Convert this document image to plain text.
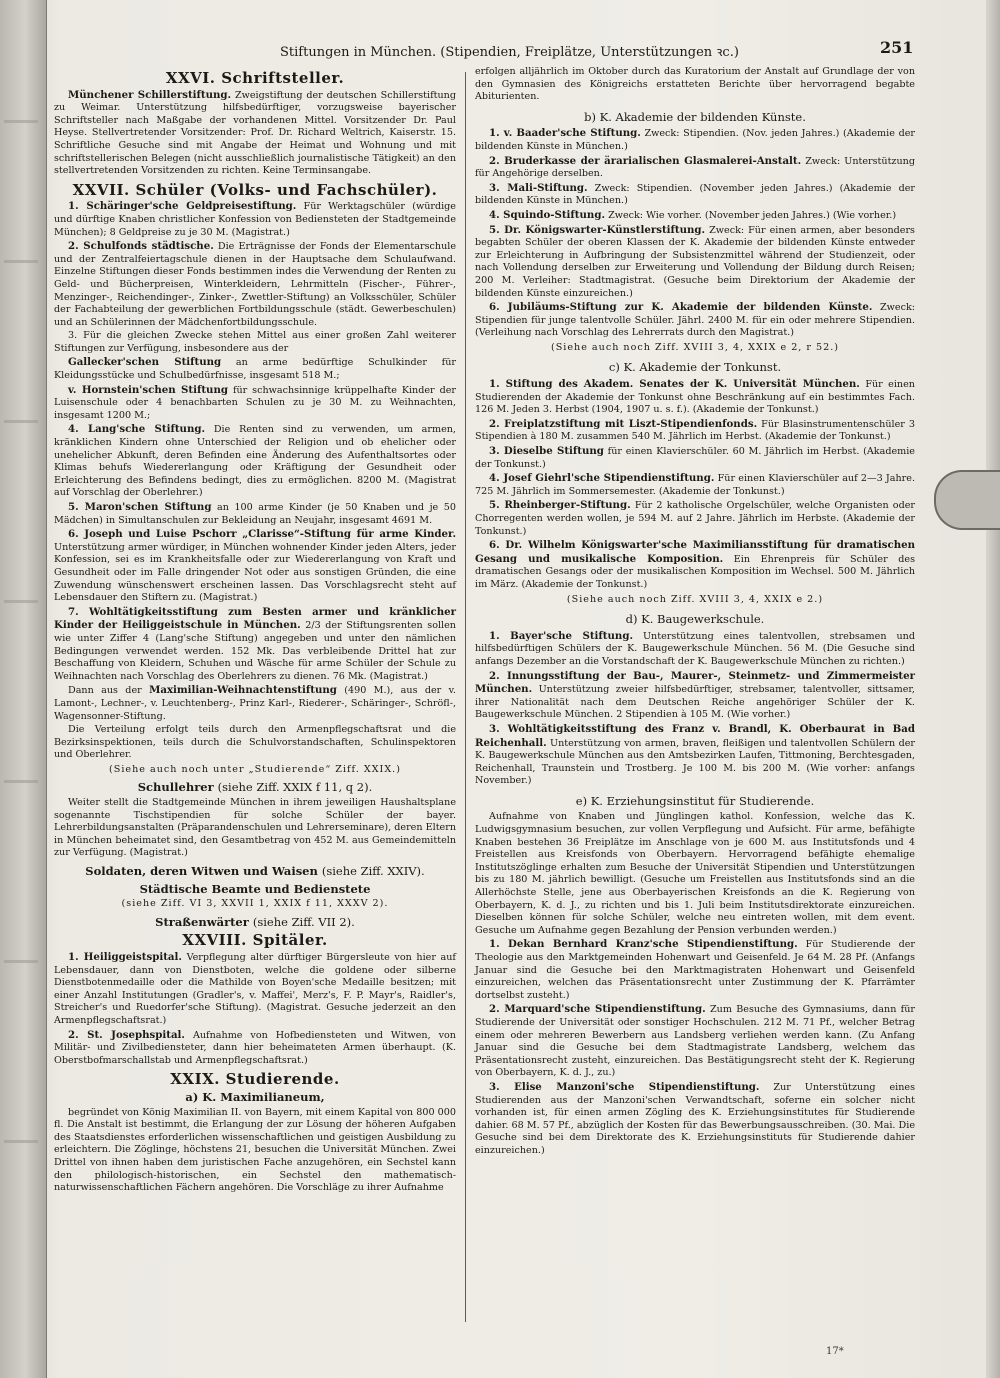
Stiftungen in München. (Stipendien, Freiplätze, Unterstützungen ꝛc.)	251
XXVI. Schriftsteller.

Münchener Schillerstiftung. Zweigstiftung der deutschen Schillerstiftung zu Weimar. Unterstützung hilfsbedürftiger, vorzugsweise bayerischer Schriftsteller nach Maßgabe der vorhandenen Mittel. Vorsitzender Dr. Paul Heyse. Stellvertretender Vorsitzender: Prof. Dr. Richard Weltrich, Kaiserstr. 15. Schriftliche Gesuche sind mit Angabe der Heimat und Wohnung und mit schriftstellerischen Belegen (nicht ausschließlich journalistische Tätigkeit) an den stellvertretenden Vorsitzenden zu richten. Keine Terminsangabe.

XXVII. Schüler (Volks- und Fachschüler).

1. Schäringer'sche Geldpreisestiftung. Für Werktagschüler (würdige und dürftige Knaben christlicher Konfession von Bediensteten der Stadtgemeinde München); 8 Geldpreise zu je 30 M. (Magistrat.)

2. Schulfonds städtische. Die Erträgnisse der Fonds der Elementarschule und der Zentralfeiertagschule dienen in der Hauptsache dem Schulaufwand. Einzelne Stiftungen dieser Fonds bestimmen indes die Verwendung der Renten zu Geld- und Bücherpreisen, Winterkleidern, Lehrmitteln (Fischer-, Führer-, Menzinger-, Reichendinger-, Zinker-, Zwettler-Stiftung) an Volksschüler, Schüler der Fachabteilung der gewerblichen Fortbildungsschule (städt. Gewerbeschulen) und an Schülerinnen der Mädchenfortbildungsschule.

3. Für die gleichen Zwecke stehen Mittel aus einer großen Zahl weiterer Stiftungen zur Verfügung, insbesondere aus der

Gallecker'schen Stiftung an arme bedürftige Schulkinder für Kleidungsstücke und Schulbedürfnisse, insgesamt 518 M.;

v. Hornstein'schen Stiftung für schwachsinnige krüppelhafte Kinder der Luisenschule oder 4 benachbarten Schulen zu je 30 M. zu Weihnachten, insgesamt 1200 M.;

4. Lang'sche Stiftung. Die Renten sind zu verwenden, um armen, kränklichen Kindern ohne Unterschied der Religion und ob ehelicher oder unehelicher Abkunft, deren Befinden eine Änderung des Aufenthaltsortes oder Klimas behufs Wiedererlangung oder Kräftigung der Gesundheit oder Erleichterung des Befindens bedingt, dies zu ermöglichen. 8200 M. (Magistrat auf Vorschlag der Oberlehrer.)

5. Maron'schen Stiftung an 100 arme Kinder (je 50 Knaben und je 50 Mädchen) in Simultanschulen zur Bekleidung an Neujahr, insgesamt 4691 M.

6. Joseph und Luise Pschorr „Clarisse“-Stiftung für arme Kinder. Unterstützung armer würdiger, in München wohnender Kinder jeden Alters, jeder Konfession, sei es im Krankheitsfalle oder zur Wiedererlangung von Kraft und Gesundheit oder im Falle dringender Not oder aus sonstigen Gründen, die eine Zuwendung wünschenswert erscheinen lassen. Das Vorschlagsrecht steht auf Lebensdauer den Stiftern zu. (Magistrat.)

7. Wohltätigkeitsstiftung zum Besten armer und kränklicher Kinder der Heiliggeistschule in München. 2/3 der Stiftungsrenten sollen wie unter Ziffer 4 (Lang'sche Stiftung) angegeben und unter den nämlichen Bedingungen verwendet werden. 152 Mk. Das verbleibende Drittel hat zur Beschaffung von Kleidern, Schuhen und Wäsche für arme Schüler der Schule zu Weihnachten nach Vorschlag des Oberlehrers zu dienen. 76 Mk. (Magistrat.)

Dann aus der Maximilian-Weihnachtenstiftung (490 M.), aus der v. Lamont-, Lechner-, v. Leuchtenberg-, Prinz Karl-, Riederer-, Schäringer-, Schröfl-, Wagensonner-Stiftung.

Die Verteilung erfolgt teils durch den Armenpflegschaftsrat und die Bezirksinspektionen, teils durch die Schulvorstandschaften, Schulinspektoren und Oberlehrer.

(Siehe auch noch unter „Studierende“ Ziff. XXIX.)

Schullehrer (siehe Ziff. XXIX f 11, q 2).

Weiter stellt die Stadtgemeinde München in ihrem jeweiligen Haushaltsplane sogenannte Tischstipendien für solche Schüler der bayer. Lehrerbildungsanstalten (Präparandenschulen und Lehrerseminare), deren Eltern in München beheimatet sind, den Gesamtbetrag von 452 M. aus Gemeindemitteln zur Verfügung. (Magistrat.)

Soldaten, deren Witwen und Waisen (siehe Ziff. XXIV).
Städtische Beamte und Bedienstete

(siehe Ziff. VI 3, XXVII 1, XXIX f 11, XXXV 2).

Straßenwärter (siehe Ziff. VII 2).
XXVIII. Spitäler.

1. Heiliggeistspital. Verpflegung alter dürftiger Bürgersleute von hier auf Lebensdauer, dann von Dienstboten, welche die goldene oder silberne Dienstbotenmedaille oder die Mathilde von Boyen'sche Medaille besitzen; mit einer Anzahl Institutungen (Gradler's, v. Maffei', Merz's, F. P. Mayr's, Raidler's, Streicher's und Ruedorfer'sche Stiftung). (Magistrat. Gesuche jederzeit an den Armenpflegschaftsrat.)

2. St. Josephspital. Aufnahme von Hofbediensteten und Witwen, von Militär- und Zivilbediensteter, dann hier beheimateten Armen überhaupt. (K. Oberstbofmarschallstab und Armenpflegschaftsrat.)

XXIX. Studierende.
a) K. Maximilianeum,

begründet von König Maximilian II. von Bayern, mit einem Kapital von 800 000 fl. Die Anstalt ist bestimmt, die Erlangung der zur Lösung der höheren Aufgaben des Staatsdienstes erforderlichen wissenschaftlichen und geistigen Ausbildung zu erleichtern. Die Zöglinge, höchstens 21, besuchen die Universität München. Zwei Drittel von ihnen haben dem juristischen Fache anzugehören, ein Sechstel kann den philologisch-historischen, ein Sechstel den mathematisch-naturwissenschaftlichen Fächern angehören. Die Vorschläge zu ihrer Aufnahme

erfolgen alljährlich im Oktober durch das Kuratorium der Anstalt auf Grundlage der von den Gymnasien des Königreichs erstatteten Berichte über hervorragend begabte Abiturienten.

b) K. Akademie der bildenden Künste.

1. v. Baader'sche Stiftung. Zweck: Stipendien. (Nov. jeden Jahres.) (Akademie der bildenden Künste in München.)

2. Bruderkasse der ärarialischen Glasmalerei-Anstalt. Zweck: Unterstützung für Angehörige derselben.

3. Mali-Stiftung. Zweck: Stipendien. (November jeden Jahres.) (Akademie der bildenden Künste in München.)

4. Squindo-Stiftung. Zweck: Wie vorher. (November jeden Jahres.) (Wie vorher.)

5. Dr. Königswarter-Künstlerstiftung. Zweck: Für einen armen, aber besonders begabten Schüler der oberen Klassen der K. Akademie der bildenden Künste entweder zur Erleichterung in Aufbringung der Subsistenzmittel während der Studienzeit, oder nach Vollendung derselben zur Erweiterung und Vollendung der Bildung durch Reisen; 200 M. Verleiher: Stadtmagistrat. (Gesuche beim Direktorium der Akademie der bildenden Künste einzureichen.)

6. Jubiläums-Stiftung zur K. Akademie der bildenden Künste. Zweck: Stipendien für junge talentvolle Schüler. Jährl. 2400 M. für ein oder mehrere Stipendien. (Verleihung nach Vorschlag des Lehrerrats durch den Magistrat.)

(Siehe auch noch Ziff. XVIII 3, 4, XXIX e 2, r 52.)

c) K. Akademie der Tonkunst.

1. Stiftung des Akadem. Senates der K. Universität München. Für einen Studierenden der Akademie der Tonkunst ohne Beschränkung auf ein bestimmtes Fach. 126 M. Jeden 3. Herbst (1904, 1907 u. s. f.). (Akademie der Tonkunst.)

2. Freiplatzstiftung mit Liszt-Stipendienfonds. Für Blasinstrumentenschüler 3 Stipendien à 180 M. zusammen 540 M. Jährlich im Herbst. (Akademie der Tonkunst.)

3. Dieselbe Stiftung für einen Klavierschüler. 60 M. Jährlich im Herbst. (Akademie der Tonkunst.)

4. Josef Giehrl'sche Stipendienstiftung. Für einen Klavierschüler auf 2—3 Jahre. 725 M. Jährlich im Sommersemester. (Akademie der Tonkunst.)

5. Rheinberger-Stiftung. Für 2 katholische Orgelschüler, welche Organisten oder Chorregenten werden wollen, je 594 M. auf 2 Jahre. Jährlich im Herbste. (Akademie der Tonkunst.)

6. Dr. Wilhelm Königswarter'sche Maximiliansstiftung für dramatischen Gesang und musikalische Komposition. Ein Ehrenpreis für Schüler des dramatischen Gesangs oder der musikalischen Komposition im Wechsel. 500 M. Jährlich im März. (Akademie der Tonkunst.)

(Siehe auch noch Ziff. XVIII 3, 4, XXIX e 2.)

d) K. Baugewerkschule.

1. Bayer'sche Stiftung. Unterstützung eines talentvollen, strebsamen und hilfsbedürftigen Schülers der K. Baugewerkschule München. 56 M. (Die Gesuche sind anfangs Dezember an die Vorstandschaft der K. Baugewerkschule München zu richten.)

2. Innungsstiftung der Bau-, Maurer-, Steinmetz- und Zimmermeister München. Unterstützung zweier hilfsbedürftiger, strebsamer, talentvoller, sittsamer, ihrer Nationalität nach dem Deutschen Reiche angehöriger Schüler der K. Baugewerkschule München. 2 Stipendien à 105 M. (Wie vorher.)

3. Wohltätigkeitsstiftung des Franz v. Brandl, K. Oberbaurat in Bad Reichenhall. Unterstützung von armen, braven, fleißigen und talentvollen Schülern der K. Baugewerkschule München aus den Amtsbezirken Laufen, Tittmoning, Berchtesgaden, Reichenhall, Traunstein und Trostberg. Je 100 M. bis 200 M. (Wie vorher: anfangs November.)

e) K. Erziehungsinstitut für Studierende.

Aufnahme von Knaben und Jünglingen kathol. Konfession, welche das K. Ludwigsgymnasium besuchen, zur vollen Verpflegung und Aufsicht. Für arme, befähigte Knaben bestehen 36 Freiplätze im Anschlage von je 600 M. aus Institutsfonds und 4 Freistellen aus Kreisfonds von Oberbayern. Hervorragend befähigte ehemalige Institutszöglinge erhalten zum Besuche der Universität Stipendien und Unterstützungen bis zu 180 M. jährlich bewilligt. (Gesuche um Freistellen aus Institutsfonds sind an die Allerhöchste Stelle, jene aus Oberbayerischen Kreisfonds an die K. Regierung von Oberbayern, K. d. J., zu richten und bis 1. Juli beim Institutsdirektorate einzureichen. Dieselben können für solche Schüler, welche neu eintreten wollen, mit dem event. Gesuche um Aufnahme gegen Bezahlung der Pension verbunden werden.)

1. Dekan Bernhard Kranz'sche Stipendienstiftung. Für Studierende der Theologie aus den Marktgemeinden Hohenwart und Geisenfeld. Je 64 M. 28 Pf. (Anfangs Januar sind die Gesuche bei den Marktmagistraten Hohenwart und Geisenfeld einzureichen, welchen das Präsentationsrecht unter Zustimmung der K. Pfarrämter dortselbst zusteht.)

2. Marquard'sche Stipendienstiftung. Zum Besuche des Gymnasiums, dann für Studierende der Universität oder sonstiger Hochschulen. 212 M. 71 Pf., welcher Betrag einem oder mehreren Bewerbern aus Landsberg verliehen werden kann. (Zu Anfang Januar sind die Gesuche bei dem Stadtmagistrate Landsberg, welchem das Präsentationsrecht zusteht, einzureichen. Das Bestätigungsrecht steht der K. Regierung von Oberbayern, K. d. J., zu.)

3. Elise Manzoni'sche Stipendienstiftung. Zur Unterstützung eines Studierenden aus der Manzoni'schen Verwandtschaft, soferne ein solcher nicht vorhanden ist, für einen armen Zögling des K. Erziehungsinstitutes für Studierende dahier. 68 M. 57 Pf., abzüglich der Kosten für das Bewerbungsausschreiben. (30. Mai. Die Gesuche sind bei dem Direktorate des K. Erziehungsinstituts für Studierende dahier einzureichen.)

17*
